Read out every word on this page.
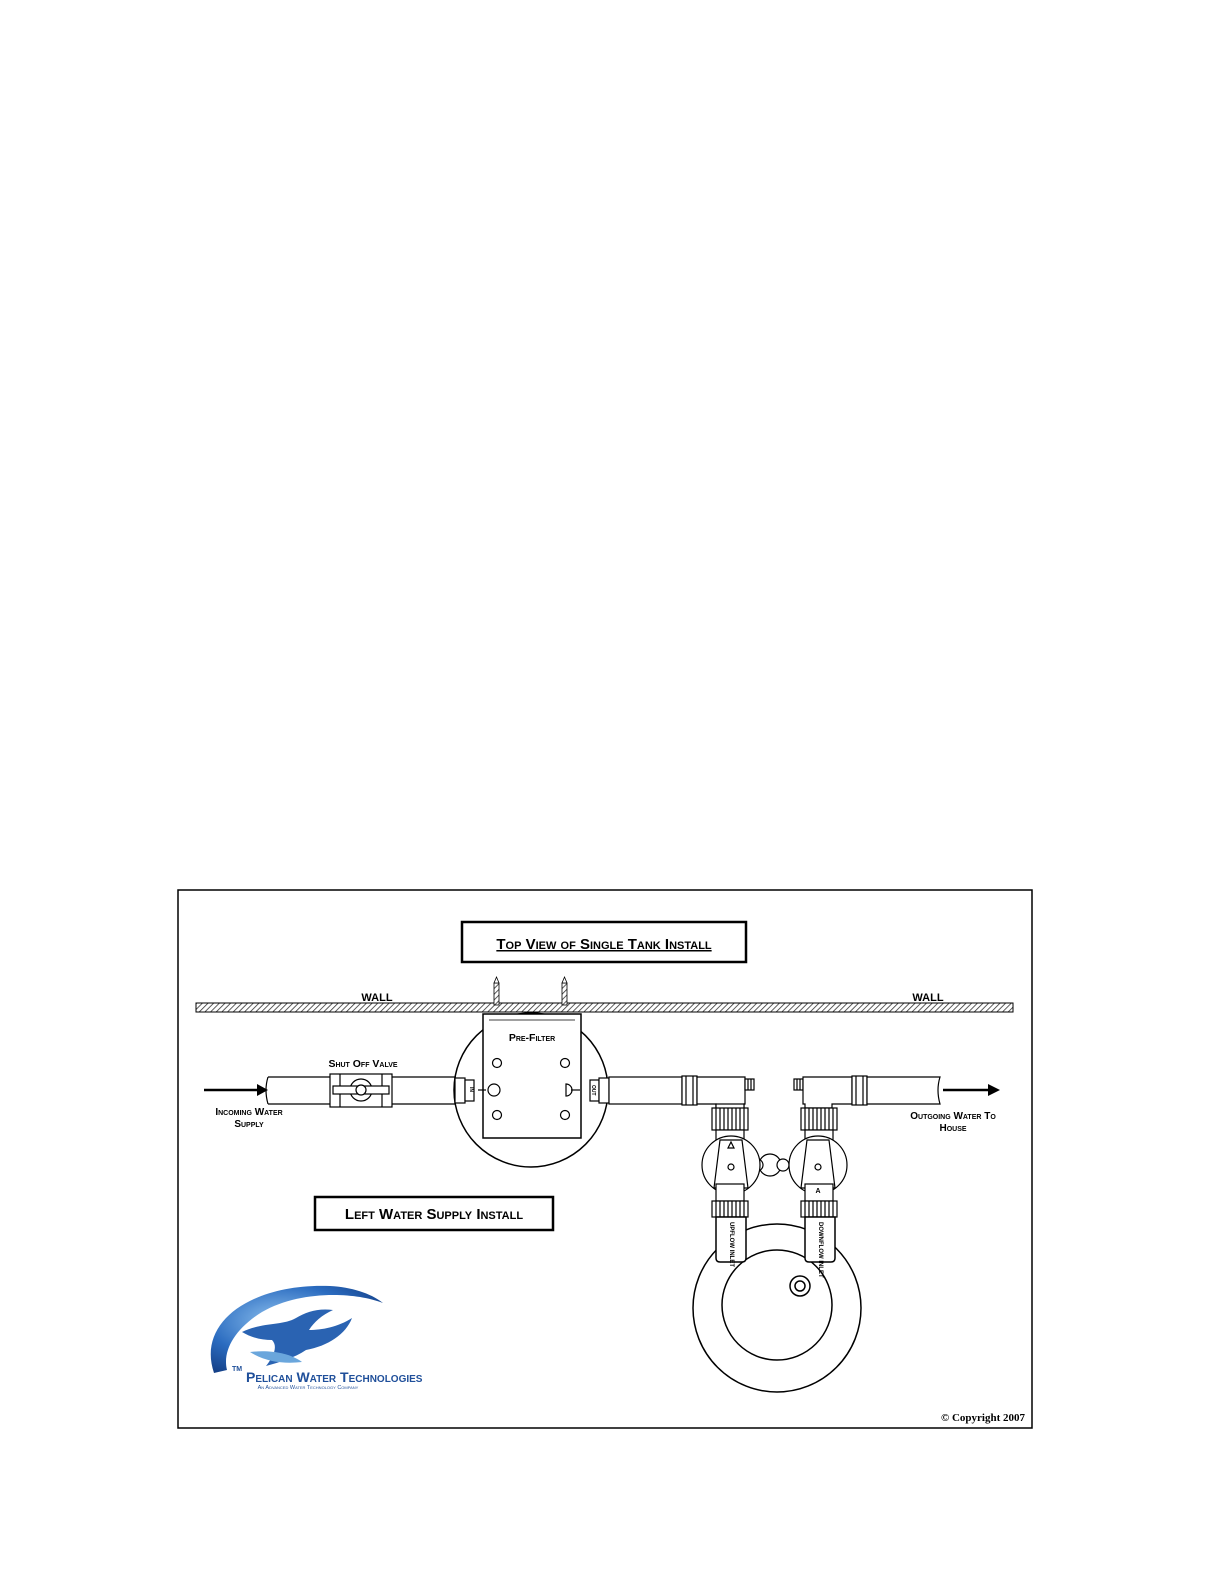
Top View of Single Tank Install
WALL	WALL
Shut Off Valve
Incoming Water
Supply
Pre-Filter
IN	OUT
Outgoing Water To
House
A
UPFLOW INLET	DOWNFLOW INLET
Left Water Supply Install
TM Pelican Water Technologies
An Advanced Water Technology Company
© Copyright 2007
